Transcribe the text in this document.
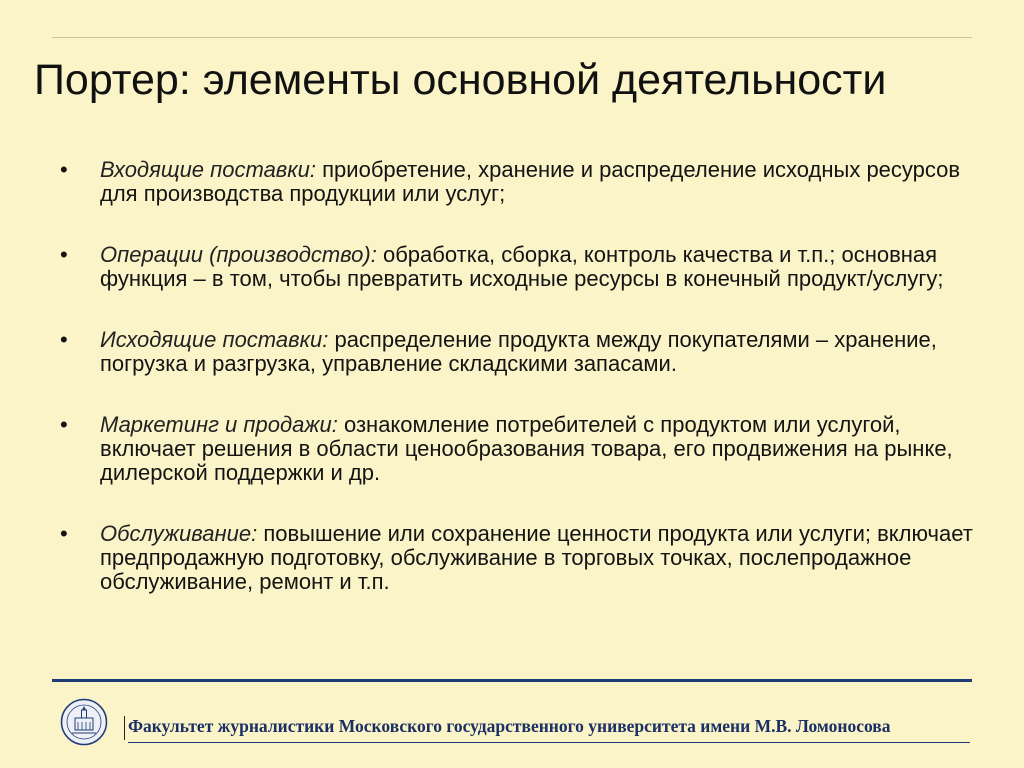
Портер: элементы основной деятельности
• Входящие поставки: приобретение, хранение и распределение исходных ресурсов для производства продукции или услуг;
• Операции (производство): обработка, сборка, контроль качества и т.п.; основная функция – в том, чтобы превратить исходные ресурсы в конечный продукт/услугу;
• Исходящие поставки: распределение продукта между покупателями – хранение, погрузка и разгрузка, управление складскими запасами.
• Маркетинг и продажи: ознакомление потребителей с продуктом или услугой, включает решения в области ценообразования товара, его продвижения на рынке, дилерской поддержки и др.
• Обслуживание: повышение или сохранение ценности продукта или услуги; включает предпродажную подготовку, обслуживание в торговых точках, послепродажное обслуживание, ремонт и т.п.
Факультет журналистики Московского государственного университета имени М.В. Ломоносова
